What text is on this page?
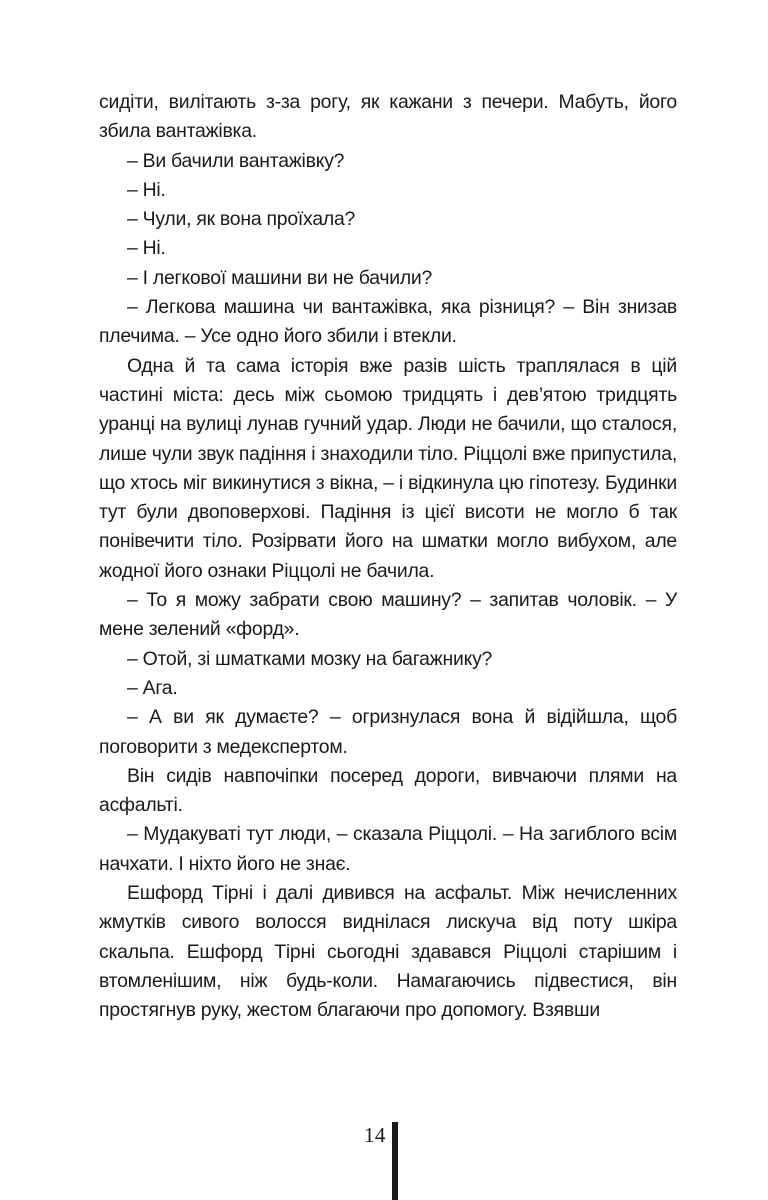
сидіти, вилітають з-за рогу, як кажани з печери. Мабуть, його збила вантажівка.

– Ви бачили вантажівку?

– Ні.

– Чули, як вона проїхала?

– Ні.

– І легкової машини ви не бачили?

– Легкова машина чи вантажівка, яка різниця? – Він знизав плечима. – Усе одно його збили і втекли.

Одна й та сама історія вже разів шість траплялася в цій частині міста: десь між сьомою тридцять і дев’ятою тридцять уранці на вулиці лунав гучний удар. Люди не бачили, що сталося, лише чули звук падіння і знаходили тіло. Ріццолі вже припустила, що хтось міг викинутися з вікна, – і відкинула цю гіпотезу. Будинки тут були двоповерхові. Падіння із цієї висоти не могло б так понівечити тіло. Розірвати його на шматки могло вибухом, але жодної його ознаки Ріццолі не бачила.

– То я можу забрати свою машину? – запитав чоловік. – У мене зелений «форд».

– Отой, зі шматками мозку на багажнику?

– Ага.

– А ви як думаєте? – огризнулася вона й відійшла, щоб поговорити з медекспертом.

Він сидів навпочіпки посеред дороги, вивчаючи плями на асфальті.

– Мудакуваті тут люди, – сказала Ріццолі. – На загиблого всім начхати. І ніхто його не знає.

Ешфорд Тірні і далі дивився на асфальт. Між нечисленних жмутків сивого волосся виднілася лискуча від поту шкіра скальпа. Ешфорд Тірні сьогодні здавався Ріццолі старішим і втомленішим, ніж будь-коли. Намагаючись підвестися, він простягнув руку, жестом благаючи про допомогу. Взявши

14
